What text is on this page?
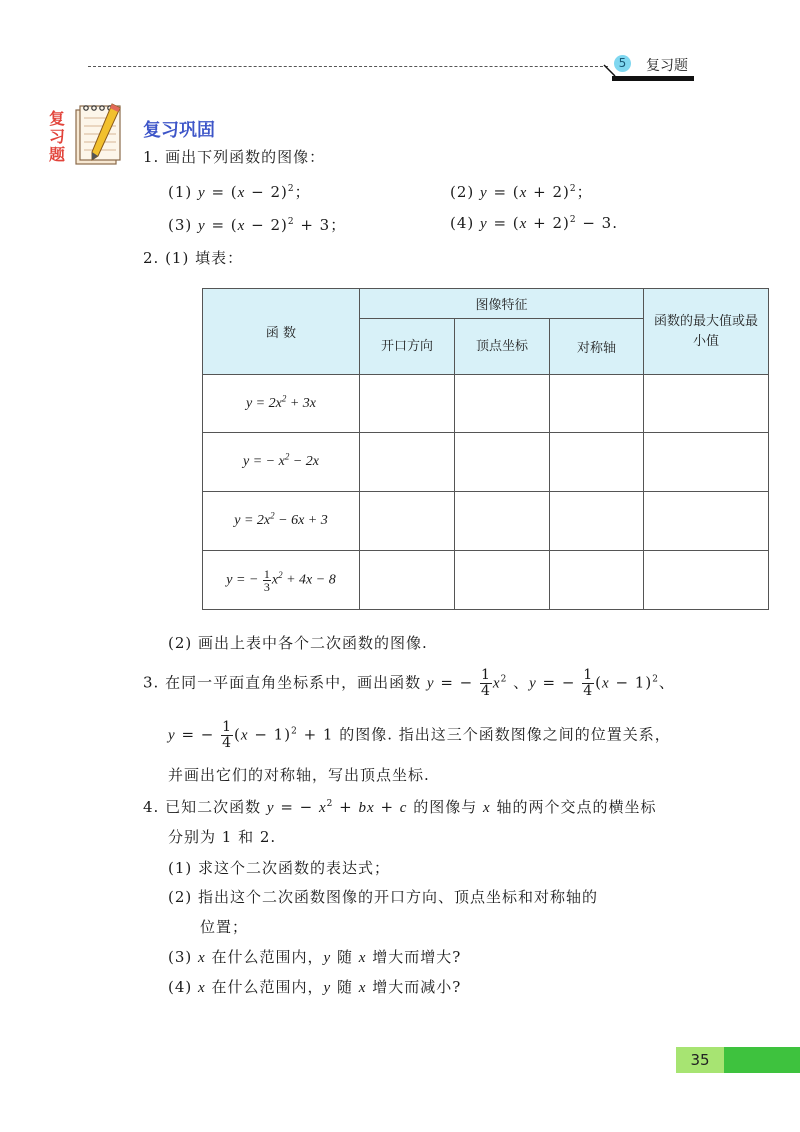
5	复习题
复习题
复习巩固
1. 画出下列函数的图像：
(1) $y = (x - 2)^2$；	(2) $y = (x + 2)^2$；
(3) $y = (x - 2)^2 + 3$；	(4) $y = (x + 2)^2 - 3$.
2. (1) 填表：
函 数	图像特征			函数的最大值或最小值
	开口方向	顶点坐标	对称轴	
$y = 2x^2 + 3x$				
y = − $x^2 - 2x$				
$y = 2x^2 - 6x + 3$				
y = − $\frac{1}{3} x^2 + 4x - 8$				
(2) 画出上表中各个二次函数的图像.
3. 在同一平面直角坐标系中，画出函数 y = − $\frac{1}{4} x^2$ 、y = − $\frac{1}{4} (x - 1)^2$、
y = − $\frac{1}{4} (x - 1)^2 + 1$ 的图像. 指出这三个函数图像之间的位置关系，
并画出它们的对称轴，写出顶点坐标.
4. 已知二次函数 y = − $x^2$ + bx + c 的图像与 x 轴的两个交点的横坐标
分别为 1 和 2.
(1) 求这个二次函数的表达式；
(2) 指出这个二次函数图像的开口方向、顶点坐标和对称轴的
位置；
(3) x 在什么范围内，y 随 x 增大而增大?
(4) x 在什么范围内，y 随 x 增大而减小?
35
